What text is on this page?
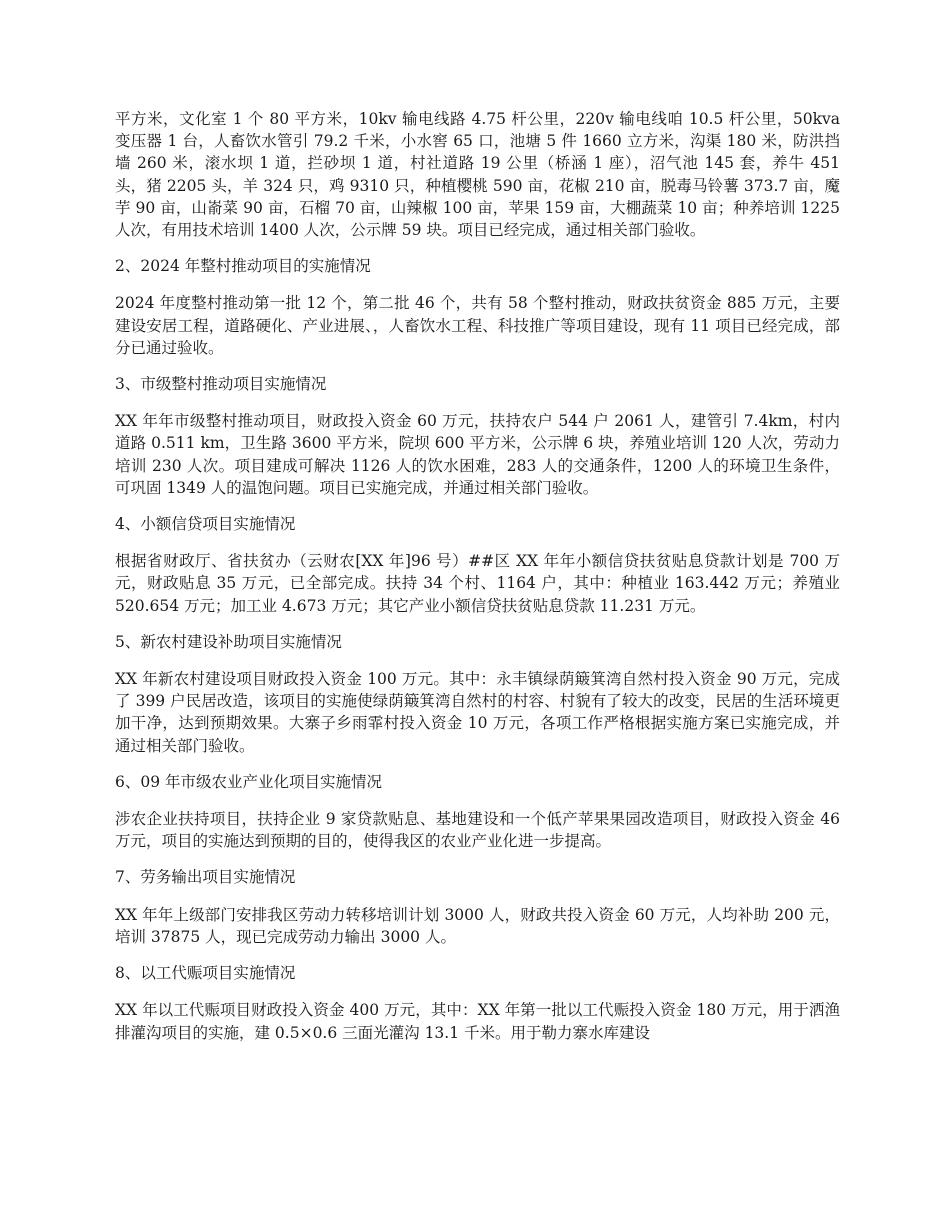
平方米，文化室 1 个 80 平方米，10kv 输电线路 4.75 杆公里，220v 输电线咱 10.5 杆公里，50kva 变压器 1 台，人畜饮水管引 79.2 千米，小水窖 65 口，池塘 5 件 1660 立方米，沟渠 180 米，防洪挡墙 260 米，滚水坝 1 道，拦砂坝 1 道，村社道路 19 公里（桥涵 1 座），沼气池 145 套，养牛 451 头，猪 2205 头，羊 324 只，鸡 9310 只，种植樱桃 590 亩，花椒 210 亩，脱毒马铃薯 373.7 亩，魔芋 90 亩，山嵛菜 90 亩，石榴 70 亩，山辣椒 100 亩，苹果 159 亩，大棚蔬菜 10 亩；种养培训 1225 人次，有用技术培训 1400 人次，公示牌 59 块。项目已经完成，通过相关部门验收。

2、2024 年整村推动项目的实施情况

2024 年度整村推动第一批 12 个，第二批 46 个，共有 58 个整村推动，财政扶贫资金 885 万元，主要建设安居工程，道路硬化、产业进展、，人畜饮水工程、科技推广等项目建设，现有 11 项目已经完成，部分已通过验收。

3、市级整村推动项目实施情况

XX 年年市级整村推动项目，财政投入资金 60 万元，扶持农户 544 户 2061 人，建管引 7.4km，村内道路 0.511 km，卫生路 3600 平方米，院坝 600 平方米，公示牌 6 块，养殖业培训 120 人次，劳动力培训 230 人次。项目建成可解决 1126 人的饮水困难，283 人的交通条件，1200 人的环境卫生条件，可巩固 1349 人的温饱问题。项目已实施完成，并通过相关部门验收。

4、小额信贷项目实施情况

根据省财政厅、省扶贫办（云财农[XX 年]96 号）##区 XX 年年小额信贷扶贫贴息贷款计划是 700 万元，财政贴息 35 万元，已全部完成。扶持 34 个村、1164 户，其中：种植业 163.442 万元；养殖业 520.654 万元；加工业 4.673 万元；其它产业小额信贷扶贫贴息贷款 11.231 万元。

5、新农村建设补助项目实施情况

XX 年新农村建设项目财政投入资金 100 万元。其中：永丰镇绿荫簸箕湾自然村投入资金 90 万元，完成了 399 户民居改造，该项目的实施使绿荫簸箕湾自然村的村容、村貌有了较大的改变，民居的生活环境更加干净，达到预期效果。大寨子乡雨霏村投入资金 10 万元，各项工作严格根据实施方案已实施完成，并通过相关部门验收。

6、09 年市级农业产业化项目实施情况

涉农企业扶持项目，扶持企业 9 家贷款贴息、基地建设和一个低产苹果果园改造项目，财政投入资金 46 万元，项目的实施达到预期的目的，使得我区的农业产业化进一步提高。

7、劳务输出项目实施情况

XX 年年上级部门安排我区劳动力转移培训计划 3000 人，财政共投入资金 60 万元，人均补助 200 元，培训 37875 人，现已完成劳动力输出 3000 人。

8、以工代赈项目实施情况

XX 年以工代赈项目财政投入资金 400 万元，其中：XX 年第一批以工代赈投入资金 180 万元，用于洒渔排灌沟项目的实施，建 0.5×0.6 三面光灌沟 13.1 千米。用于勒力寨水库建设
